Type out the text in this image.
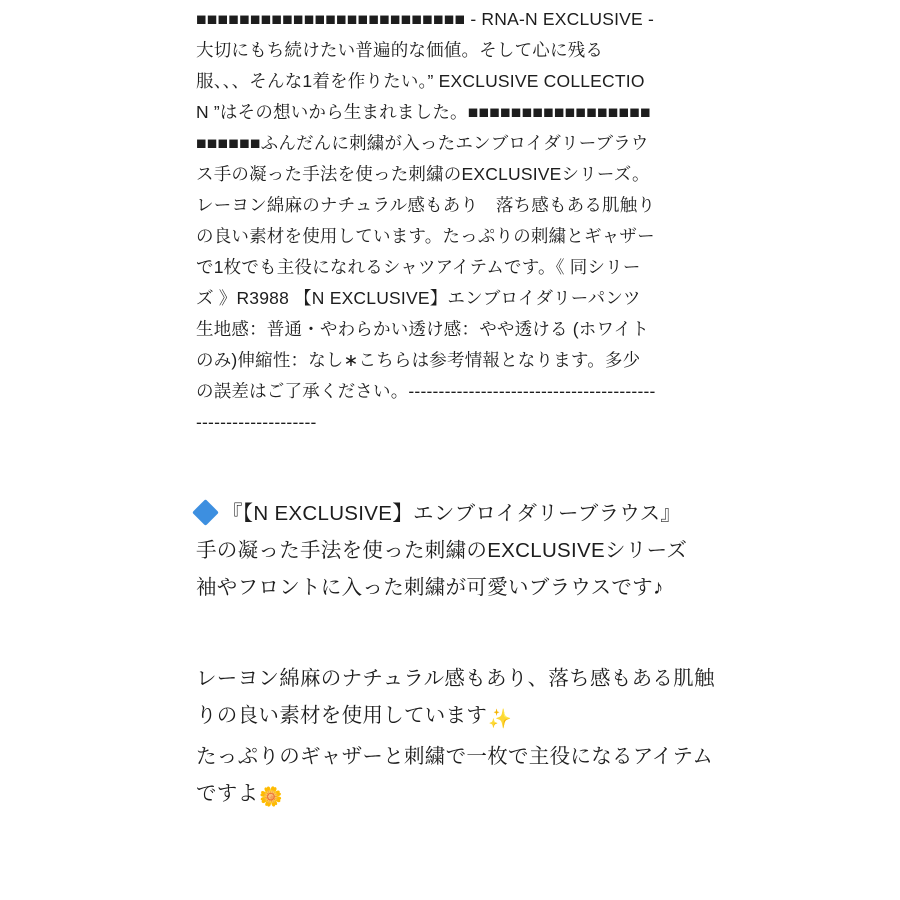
■■■■■■■■■■■■■■■■■■■■■■■■■ - RNA-N EXCLUSIVE -大切にもち続けたい普遍的な価値。そして心に残る服、、、そんな1着を作りたい。” EXCLUSIVE COLLECTION ”はその想いから生まれました。■■■■■■■■■■■■■■■■■■■■■■■ふんだんに刺繍が入ったエンブロイダリーブラウス手の凝った手法を使った刺繍のEXCLUSIVEシリーズ。レーヨン綿麻のナチュラル感もあり　落ち感もある肌触りの良い素材を使用しています。たっぷりの刺繍とギャザーで1枚でも主役になれるシャツアイテムです。《 同シリーズ 》R3988 【N EXCLUSIVE】エンブロイダリーパンツ生地感：普通・やわらかい透け感：やや透ける (ホワイトのみ)伸縮性：なし∗こちらは参考情報となります。多少の誤差はご了承ください。-------------------------------------------------------------

『【N EXCLUSIVE】エンブロイダリーブラウス』

手の凝った手法を使った刺繍のEXCLUSIVEシリーズ

袖やフロントに入った刺繍が可愛いブラウスです♪

レーヨン綿麻のナチュラル感もあり、落ち感もある肌触

りの良い素材を使用しています✨

たっぷりのギャザーと刺繍で一枚で主役になるアイテム

ですよ🌼
